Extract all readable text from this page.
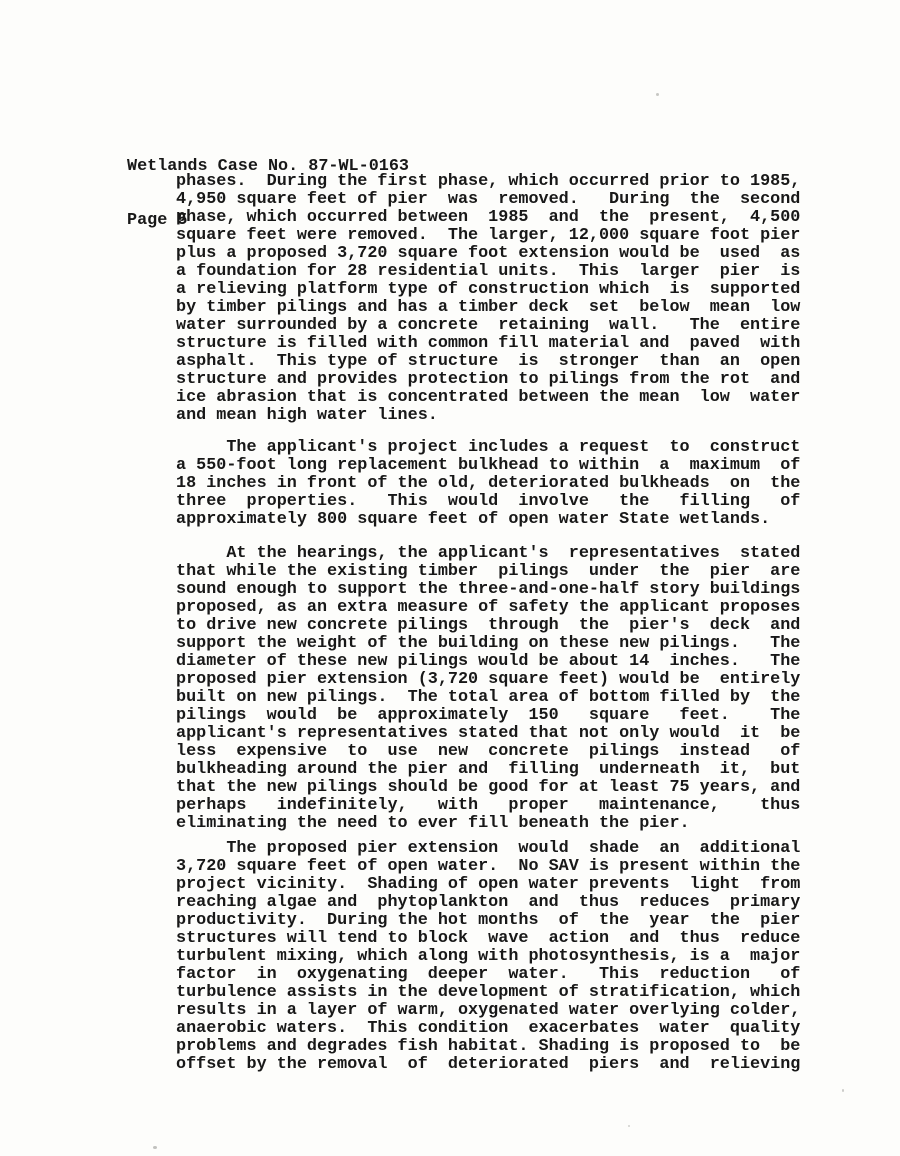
Wetlands Case No. 87-WL-0163

Page 5

phases.  During the first phase, which occurred prior to 1985,
4,950 square feet of pier  was  removed.   During  the  second
phase, which occurred between  1985  and  the  present,  4,500
square feet were removed.  The larger, 12,000 square foot pier
plus a proposed 3,720 square foot extension would be  used  as
a foundation for 28 residential units.  This  larger  pier  is
a relieving platform type of construction which  is  supported
by timber pilings and has a timber deck  set  below  mean  low
water surrounded by a concrete  retaining  wall.   The  entire
structure is filled with common fill material and  paved  with
asphalt.  This type of structure  is  stronger  than  an  open
structure and provides protection to pilings from the rot  and
ice abrasion that is concentrated between the mean  low  water
and mean high water lines.
The applicant's project includes a request  to  construct
a 550-foot long replacement bulkhead to within  a  maximum  of
18 inches in front of the old, deteriorated bulkheads  on  the
three  properties.   This  would  involve   the   filling   of
approximately 800 square feet of open water State wetlands.
At the hearings, the applicant's  representatives  stated
that while the existing timber  pilings  under  the  pier  are
sound enough to support the three-and-one-half story buildings
proposed, as an extra measure of safety the applicant proposes
to drive new concrete pilings  through  the  pier's  deck  and
support the weight of the building on these new pilings.   The
diameter of these new pilings would be about 14  inches.   The
proposed pier extension (3,720 square feet) would be  entirely
built on new pilings.  The total area of bottom filled by  the
pilings  would  be  approximately  150   square   feet.    The
applicant's representatives stated that not only would  it  be
less  expensive  to  use  new  concrete  pilings  instead   of
bulkheading around the pier and  filling  underneath  it,  but
that the new pilings should be good for at least 75 years, and
perhaps   indefinitely,   with   proper   maintenance,    thus
eliminating the need to ever fill beneath the pier.
The proposed pier extension  would  shade  an  additional
3,720 square feet of open water.  No SAV is present within the
project vicinity.  Shading of open water prevents  light  from
reaching algae and  phytoplankton  and  thus  reduces  primary
productivity.  During the hot months  of  the  year  the  pier
structures will tend to block  wave  action  and  thus  reduce
turbulent mixing, which along with photosynthesis, is a  major
factor  in  oxygenating  deeper  water.   This  reduction   of
turbulence assists in the development of stratification, which
results in a layer of warm, oxygenated water overlying colder,
anaerobic waters.  This condition  exacerbates  water  quality
problems and degrades fish habitat. Shading is proposed to  be
offset by the removal  of  deteriorated  piers  and  relieving
